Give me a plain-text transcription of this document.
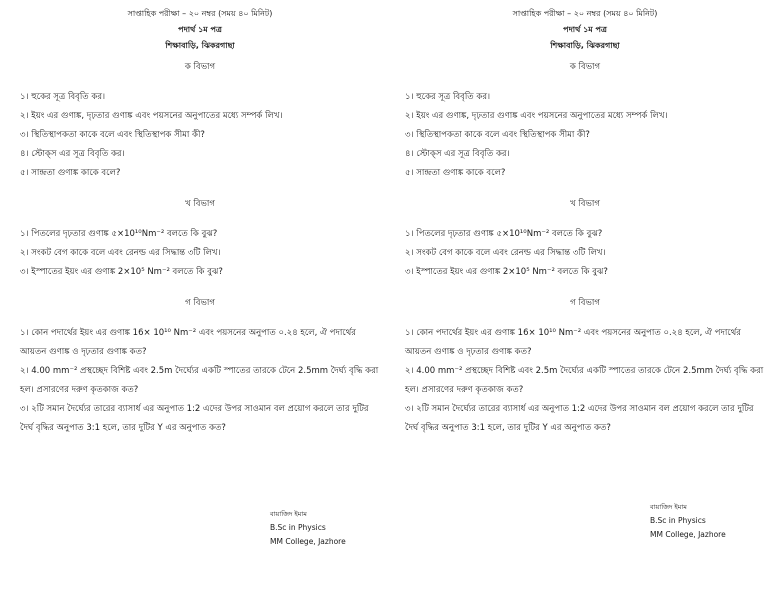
সাপ্তাহিক পরীক্ষা – ২০ নম্বর (সময় ৪০ মিনিট)
পদার্থ ১ম পত্র
শিক্ষাবাড়ি, ঝিকরগাছা
ক বিভাগ
১। হুকের সূত্র বিবৃতি কর।
২। ইয়ং এর গুণাঙ্ক, দৃঢ়তার গুণাঙ্ক এবং পয়সনের অনুপাতের মধ্যে সম্পর্ক লিখ।
৩। স্থিতিস্থাপকতা কাকে বলে এবং স্থিতিস্থাপক সীমা কী?
৪। স্টোক্‌স এর সূত্র বিবৃতি কর।
৫। সান্দ্রতা গুণাঙ্ক কাকে বলে?
খ বিভাগ
১। পিতলের দৃঢ়তার গুণাঙ্ক ৫×10¹⁰Nm⁻² বলতে কি বুঝ?
২। সংকট বেগ কাকে বলে এবং রেনল্ড এর সিদ্ধান্ত ৩টি লিখ।
৩। ইস্পাতের ইয়ং এর গুণাঙ্ক 2×10⁵ Nm⁻² বলতে কি বুঝ?
গ বিভাগ
১। কোন পদার্থের ইয়ং এর গুণাঙ্ক 16× 10¹⁰ Nm⁻² এবং পয়সনের অনুপাত ০.২৪ হলে, ঐ পদার্থের আয়তন গুণাঙ্ক ও দৃঢ়তার গুণাঙ্ক কত?
২। 4.00 mm⁻² প্রস্থচ্ছেদ বিশিষ্ট এবং 2.5m দৈর্ঘ্যের একটি স্পাতের তারকে টেনে 2.5mm দৈর্ঘ্য বৃদ্ধি করা হল। প্রসারণের দরুণ কৃতকাজ কত?
৩। ২টি সমান দৈর্ঘ্যের তারের ব্যাসার্ধ এর অনুপাত 1:2 এদের উপর সাওমান বল প্রয়োগ করলে তার দুটির দৈর্ঘ বৃদ্ধির অনুপাত 3:1 হলে, তার দুটির Y এর অনুপাত কত?
বায়াজিদ ইমাম
B.Sc in Physics
MM College, Jazhore
সাপ্তাহিক পরীক্ষা – ২০ নম্বর (সময় ৪০ মিনিট)
পদার্থ ১ম পত্র
শিক্ষাবাড়ি, ঝিকরগাছা
ক বিভাগ
১। হুকের সূত্র বিবৃতি কর।
২। ইয়ং এর গুণাঙ্ক, দৃঢ়তার গুণাঙ্ক এবং পয়সনের অনুপাতের মধ্যে সম্পর্ক লিখ।
৩। স্থিতিস্থাপকতা কাকে বলে এবং স্থিতিস্থাপক সীমা কী?
৪। স্টোক্‌স এর সূত্র বিবৃতি কর।
৫। সান্দ্রতা গুণাঙ্ক কাকে বলে?
খ বিভাগ
১। পিতলের দৃঢ়তার গুণাঙ্ক ৫×10¹⁰Nm⁻² বলতে কি বুঝ?
২। সংকট বেগ কাকে বলে এবং রেনল্ড এর সিদ্ধান্ত ৩টি লিখ।
৩। ইস্পাতের ইয়ং এর গুণাঙ্ক 2×10⁵ Nm⁻² বলতে কি বুঝ?
গ বিভাগ
১। কোন পদার্থের ইয়ং এর গুণাঙ্ক 16× 10¹⁰ Nm⁻² এবং পয়সনের অনুপাত ০.২৪ হলে, ঐ পদার্থের আয়তন গুণাঙ্ক ও দৃঢ়তার গুণাঙ্ক কত?
২। 4.00 mm⁻² প্রস্থচ্ছেদ বিশিষ্ট এবং 2.5m দৈর্ঘ্যের একটি স্পাতের তারকে টেনে 2.5mm দৈর্ঘ্য বৃদ্ধি করা হল। প্রসারণের দরুণ কৃতকাজ কত?
৩। ২টি সমান দৈর্ঘ্যের তারের ব্যাসার্ধ এর অনুপাত 1:2 এদের উপর সাওমান বল প্রয়োগ করলে তার দুটির দৈর্ঘ বৃদ্ধির অনুপাত 3:1 হলে, তার দুটির Y এর অনুপাত কত?
বায়াজিদ ইমাম
B.Sc in Physics
MM College, Jazhore
